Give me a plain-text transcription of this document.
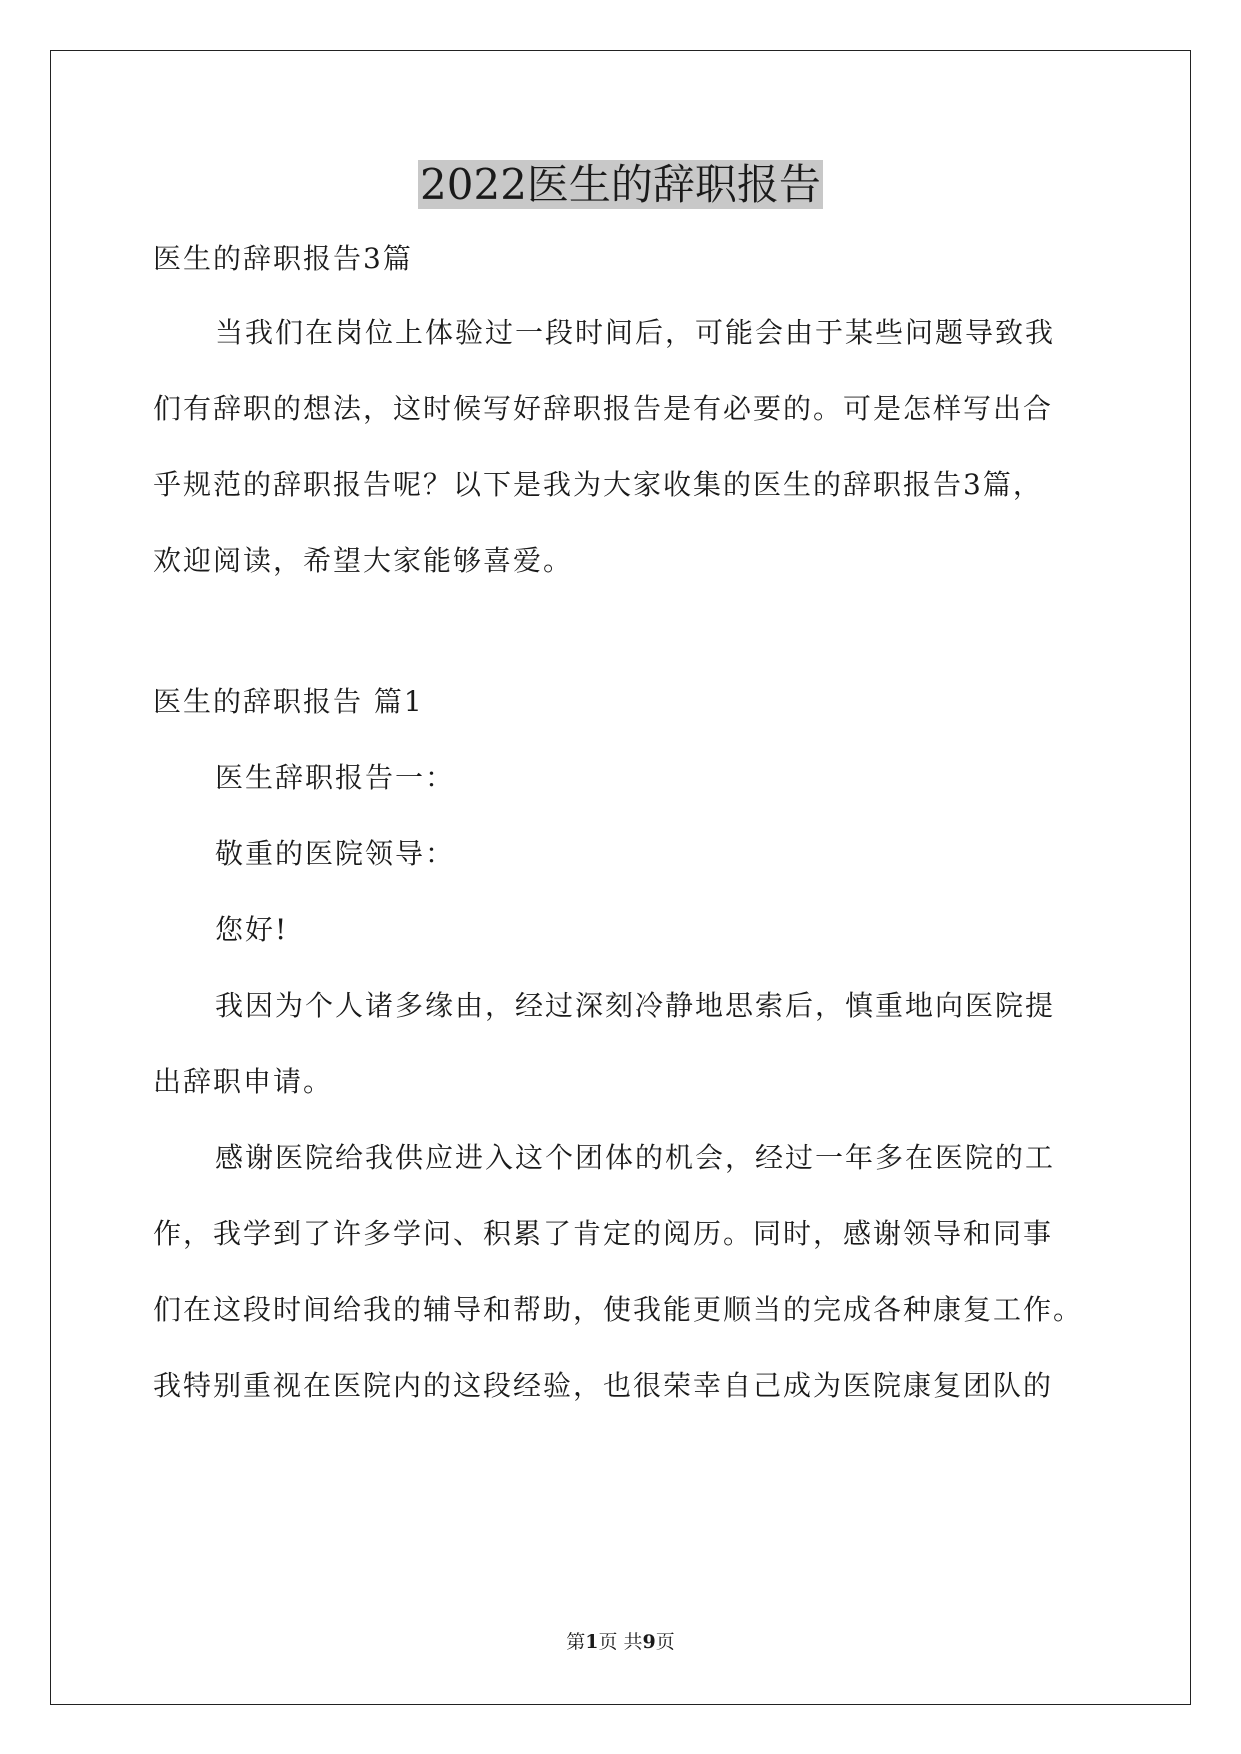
2022医生的辞职报告
医生的辞职报告3篇
当我们在岗位上体验过一段时间后，可能会由于某些问题导致我
们有辞职的想法，这时候写好辞职报告是有必要的。可是怎样写出合
乎规范的辞职报告呢？以下是我为大家收集的医生的辞职报告3篇，
欢迎阅读，希望大家能够喜爱。
医生的辞职报告 篇1
医生辞职报告一：
敬重的医院领导：
您好!
我因为个人诸多缘由，经过深刻冷静地思索后，慎重地向医院提
出辞职申请。
感谢医院给我供应进入这个团体的机会，经过一年多在医院的工
作，我学到了许多学问、积累了肯定的阅历。同时，感谢领导和同事
们在这段时间给我的辅导和帮助，使我能更顺当的完成各种康复工作。
我特别重视在医院内的这段经验，也很荣幸自己成为医院康复团队的
第1页 共9页
